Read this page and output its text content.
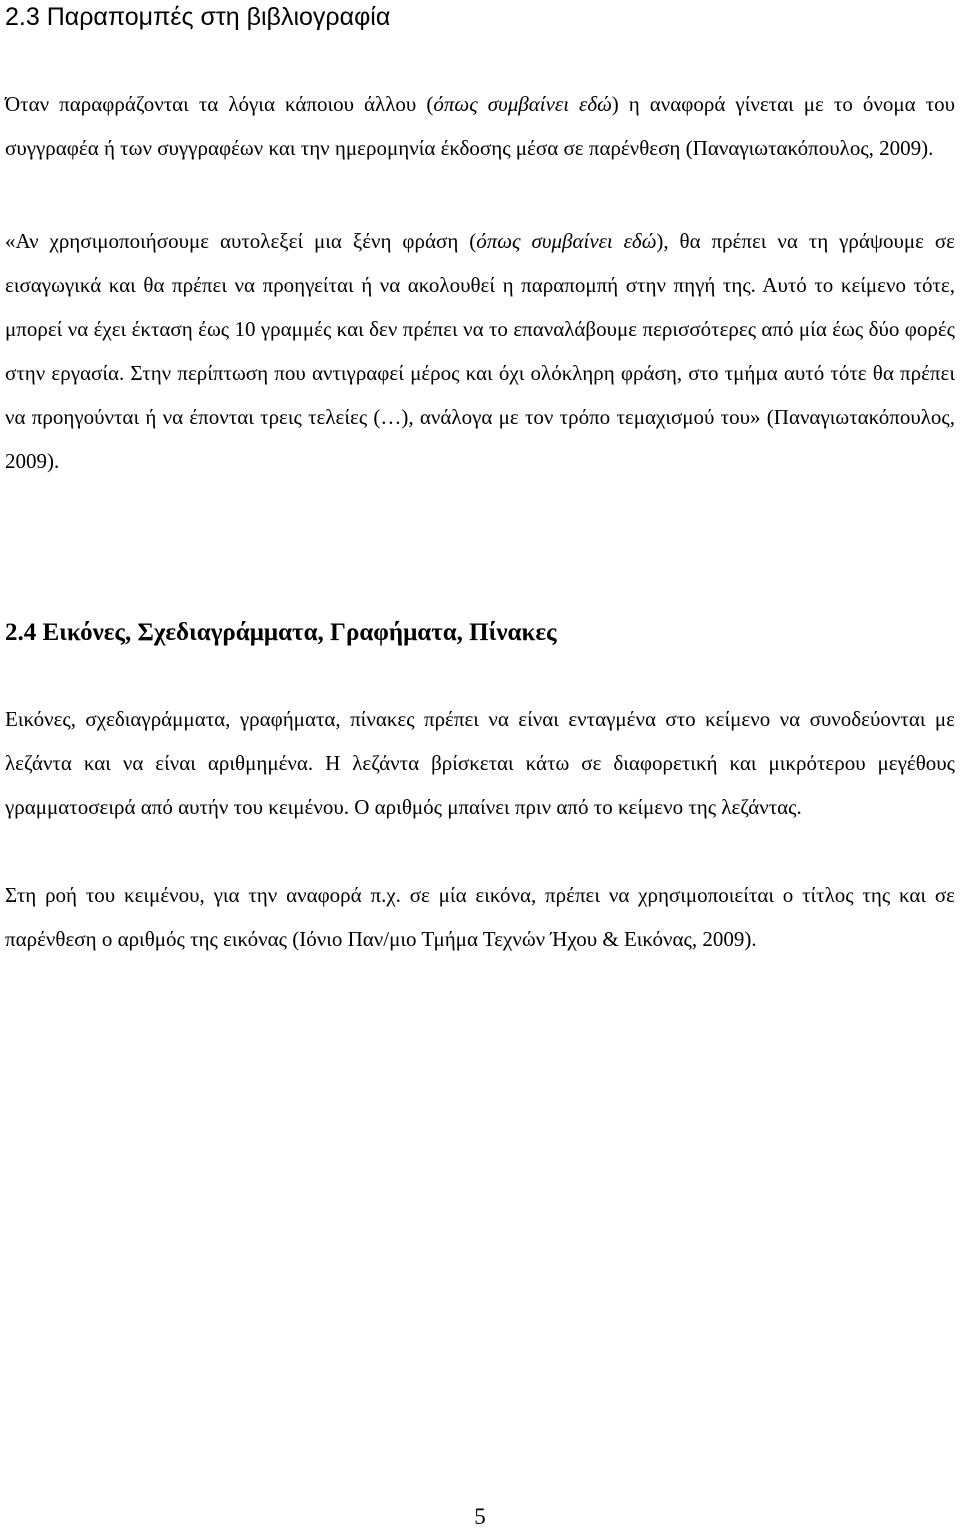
2.3 Παραπομπές στη βιβλιογραφία

Όταν παραφράζονται τα λόγια κάποιου άλλου (όπως συμβαίνει εδώ) η αναφορά γίνεται με το όνομα του συγγραφέα ή των συγγραφέων και την ημερομηνία έκδοσης μέσα σε παρένθεση (Παναγιωτακόπουλος, 2009).

«Αν χρησιμοποιήσουμε αυτολεξεί μια ξένη φράση (όπως συμβαίνει εδώ), θα πρέπει να τη γράψουμε σε εισαγωγικά και θα πρέπει να προηγείται ή να ακολουθεί η παραπομπή στην πηγή της. Αυτό το κείμενο τότε, μπορεί να έχει έκταση έως 10 γραμμές και δεν πρέπει να το επαναλάβουμε περισσότερες από μία έως δύο φορές στην εργασία. Στην περίπτωση που αντιγραφεί μέρος και όχι ολόκληρη φράση, στο τμήμα αυτό τότε θα πρέπει να προηγούνται ή να έπονται τρεις τελείες (…), ανάλογα με τον τρόπο τεμαχισμού του» (Παναγιωτακόπουλος, 2009).

2.4 Εικόνες, Σχεδιαγράμματα, Γραφήματα, Πίνακες

Εικόνες, σχεδιαγράμματα, γραφήματα, πίνακες πρέπει να είναι ενταγμένα στο κείμενο να συνοδεύονται με λεζάντα και να είναι αριθμημένα. Η λεζάντα βρίσκεται κάτω σε διαφορετική και μικρότερου μεγέθους γραμματοσειρά από αυτήν του κειμένου. Ο αριθμός μπαίνει πριν από το κείμενο της λεζάντας.

Στη ροή του κειμένου, για την αναφορά π.χ. σε μία εικόνα, πρέπει να χρησιμοποιείται ο τίτλος της και σε παρένθεση ο αριθμός της εικόνας (Ιόνιο Παν/μιο Τμήμα Τεχνών Ήχου & Εικόνας, 2009).

5
